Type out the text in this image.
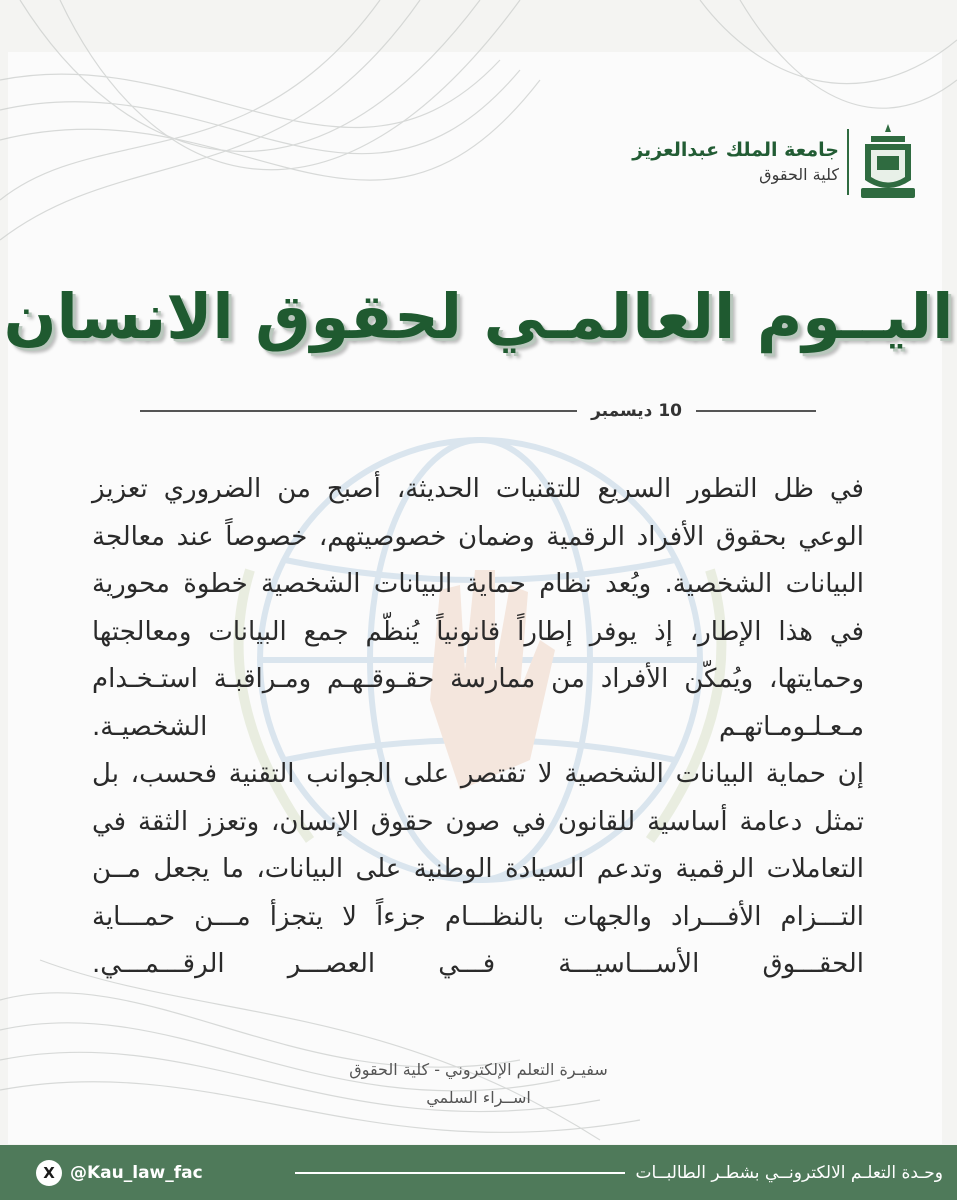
جامعة الملك عبدالعزيز
كلية الحقوق
اليــوم العالمـي لحقوق الانسان
10 ديسمبر

في ظل التطور السريع للتقنيات الحديثة، أصبح من الضروري تعزيز الوعي بحقوق الأفراد الرقمية وضمان خصوصيتهم، خصوصاً عند معالجة البيانات الشخصية. ويُعد نظام حماية البيانات الشخصية خطوة محورية في هذا الإطار، إذ يوفر إطاراً قانونياً يُنظّم جمع البيانات ومعالجتها وحمايتها، ويُمكّن الأفراد من ممارسة حقـوقـهـم ومـراقبـة استـخـدام مـعـلـومـاتهـم الشخصيـة.

إن حماية البيانات الشخصية لا تقتصر على الجوانب التقنية فحسب، بل تمثل دعامة أساسية للقانون في صون حقوق الإنسان، وتعزز الثقة في التعاملات الرقمية وتدعم السيادة الوطنية على البيانات، ما يجعل مــن التـــزام الأفـــراد والجهات بالنظـــام جزءاً لا يتجزأ مـــن حمـــاية الحقـــوق الأســـاسيـــة فـــي العصـــر الرقـــمـــي.

سفيـرة التعلم الإلكتروني - كلية الحقوق
اســراء السلمي
X @Kau_law_fac	وحـدة التعلـم الالكترونــي بشطـر الطالبــات
